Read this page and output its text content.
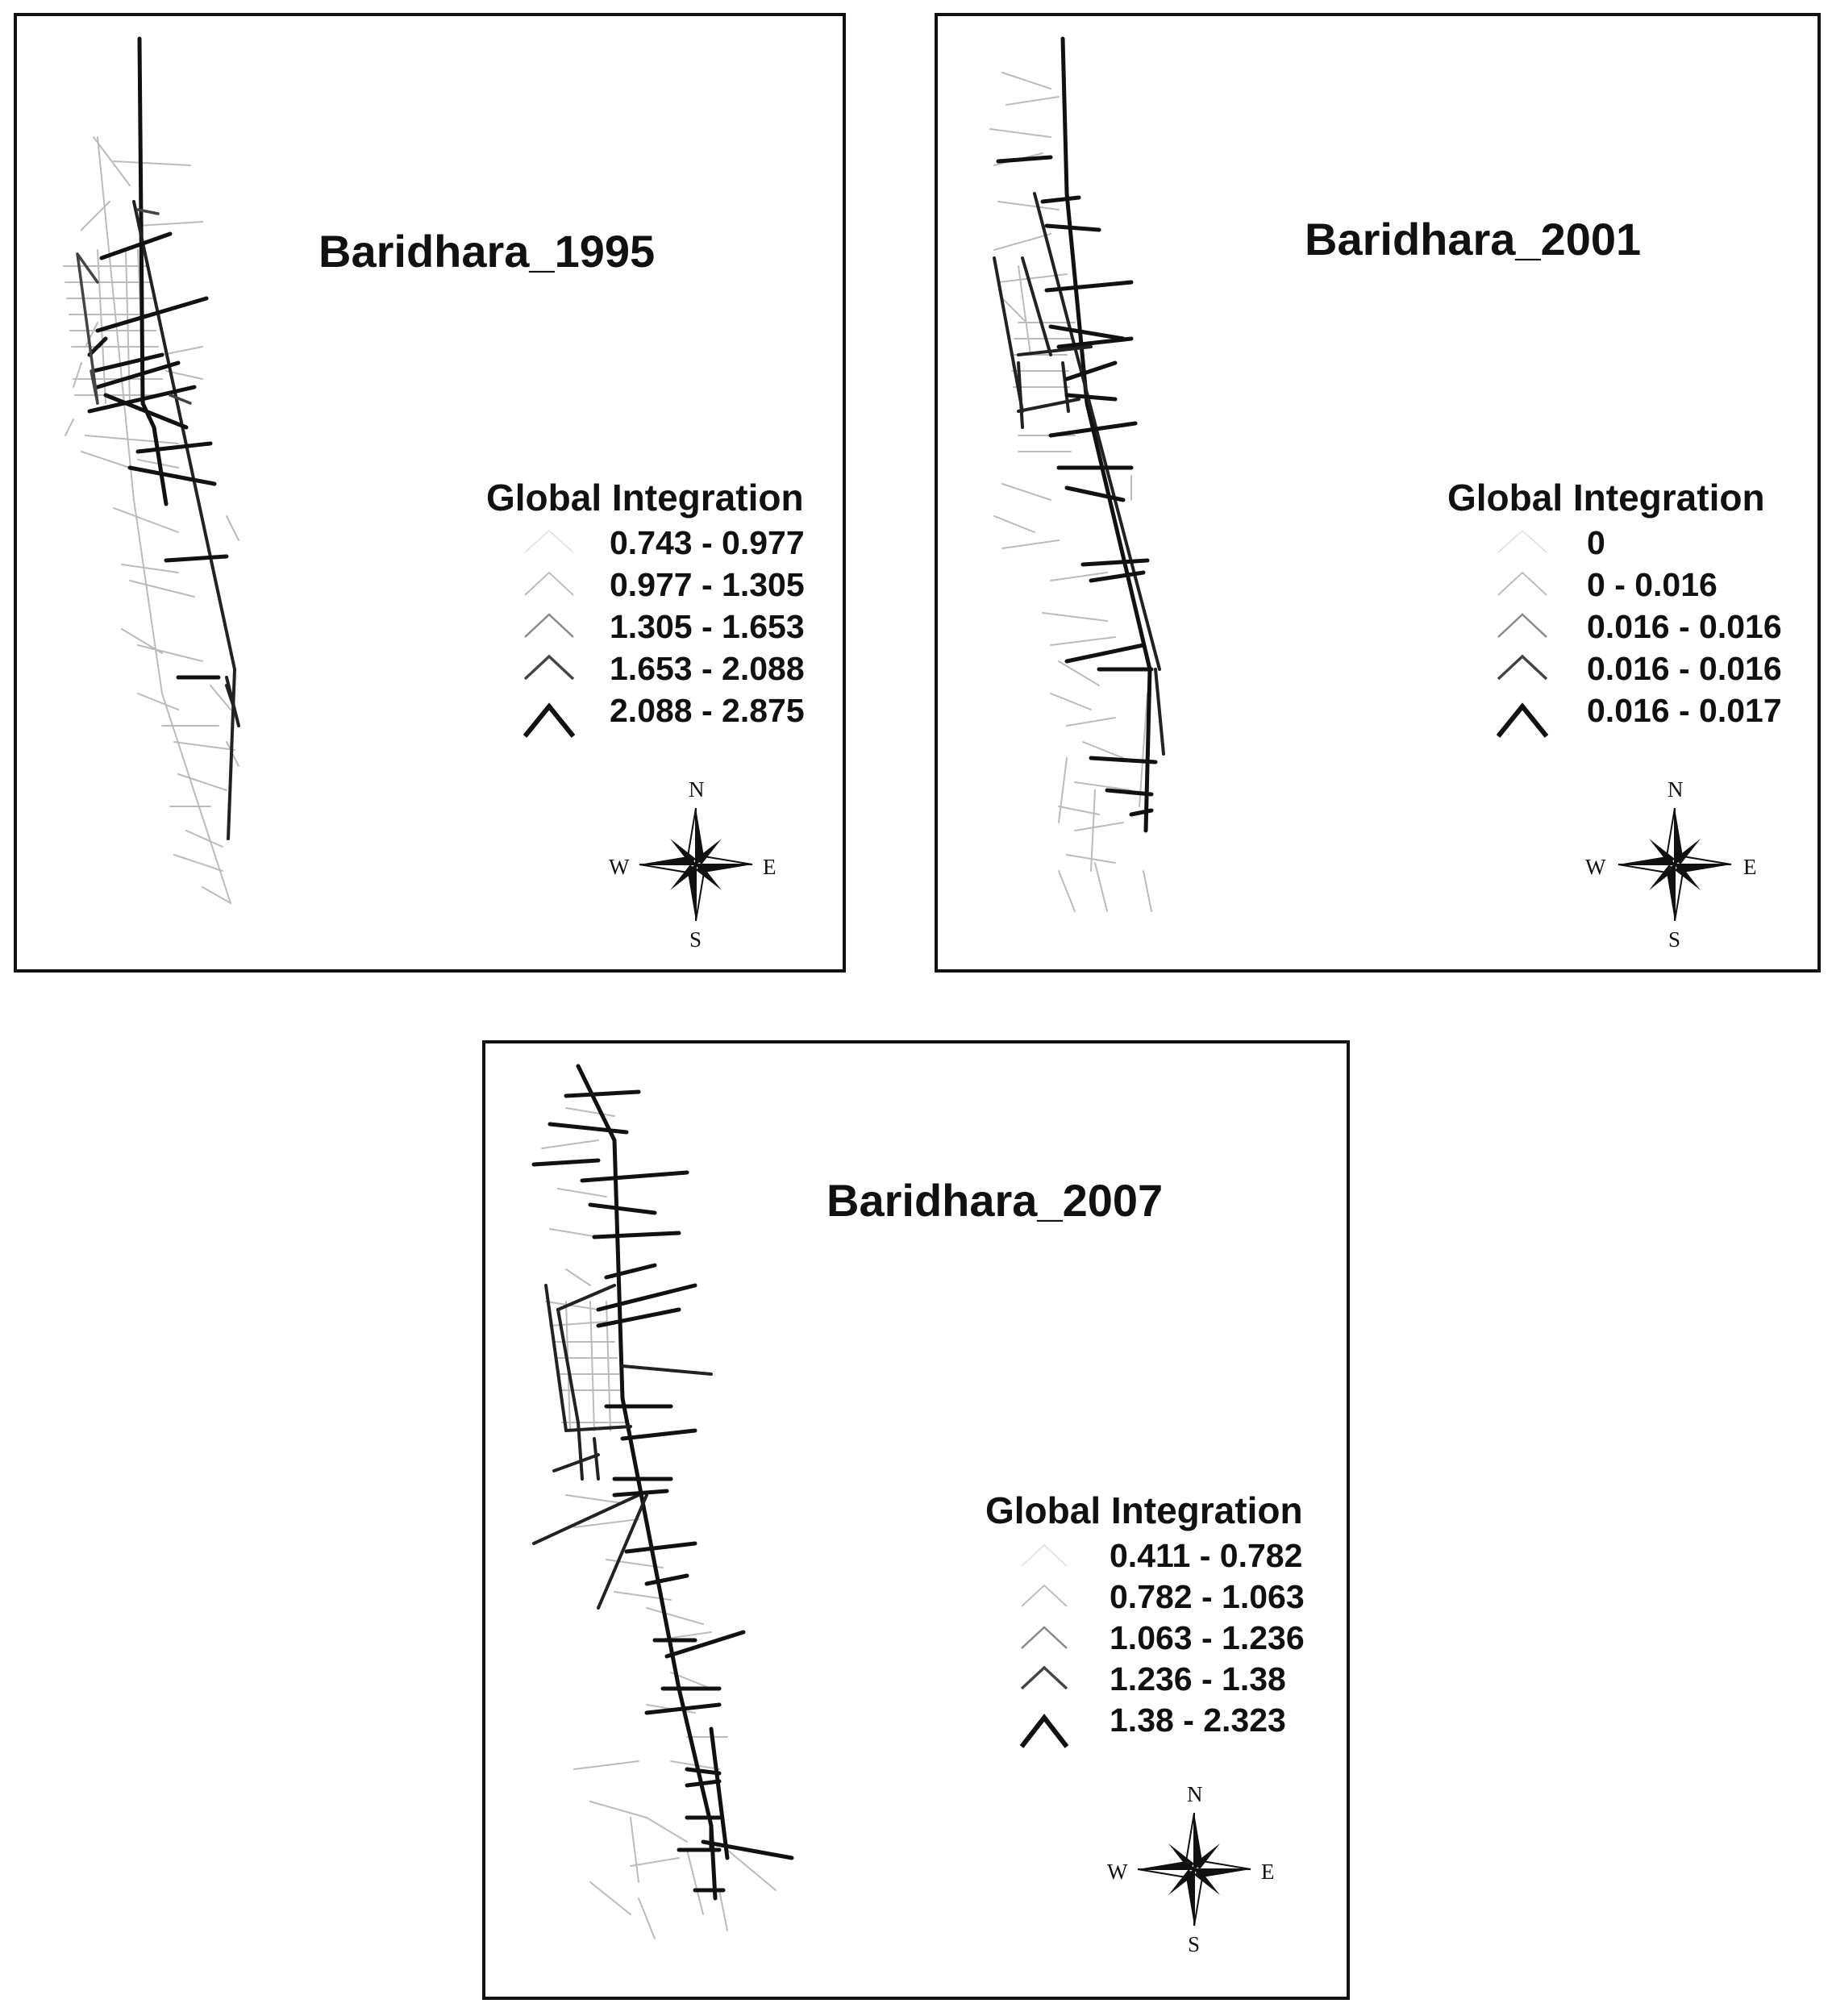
Baridhara_1995
Global Integration
0.743 - 0.977
0.977 - 1.305
1.305 - 1.653
1.653 - 2.088
2.088 - 2.875
N
S
E
W
Baridhara_2001
Global Integration
0
0 - 0.016
0.016 - 0.016
0.016 - 0.016
0.016 - 0.017
N
S
E
W
Baridhara_2007
Global Integration
0.411 - 0.782
0.782 - 1.063
1.063 - 1.236
1.236 - 1.38
1.38 - 2.323
N
S
E
W
